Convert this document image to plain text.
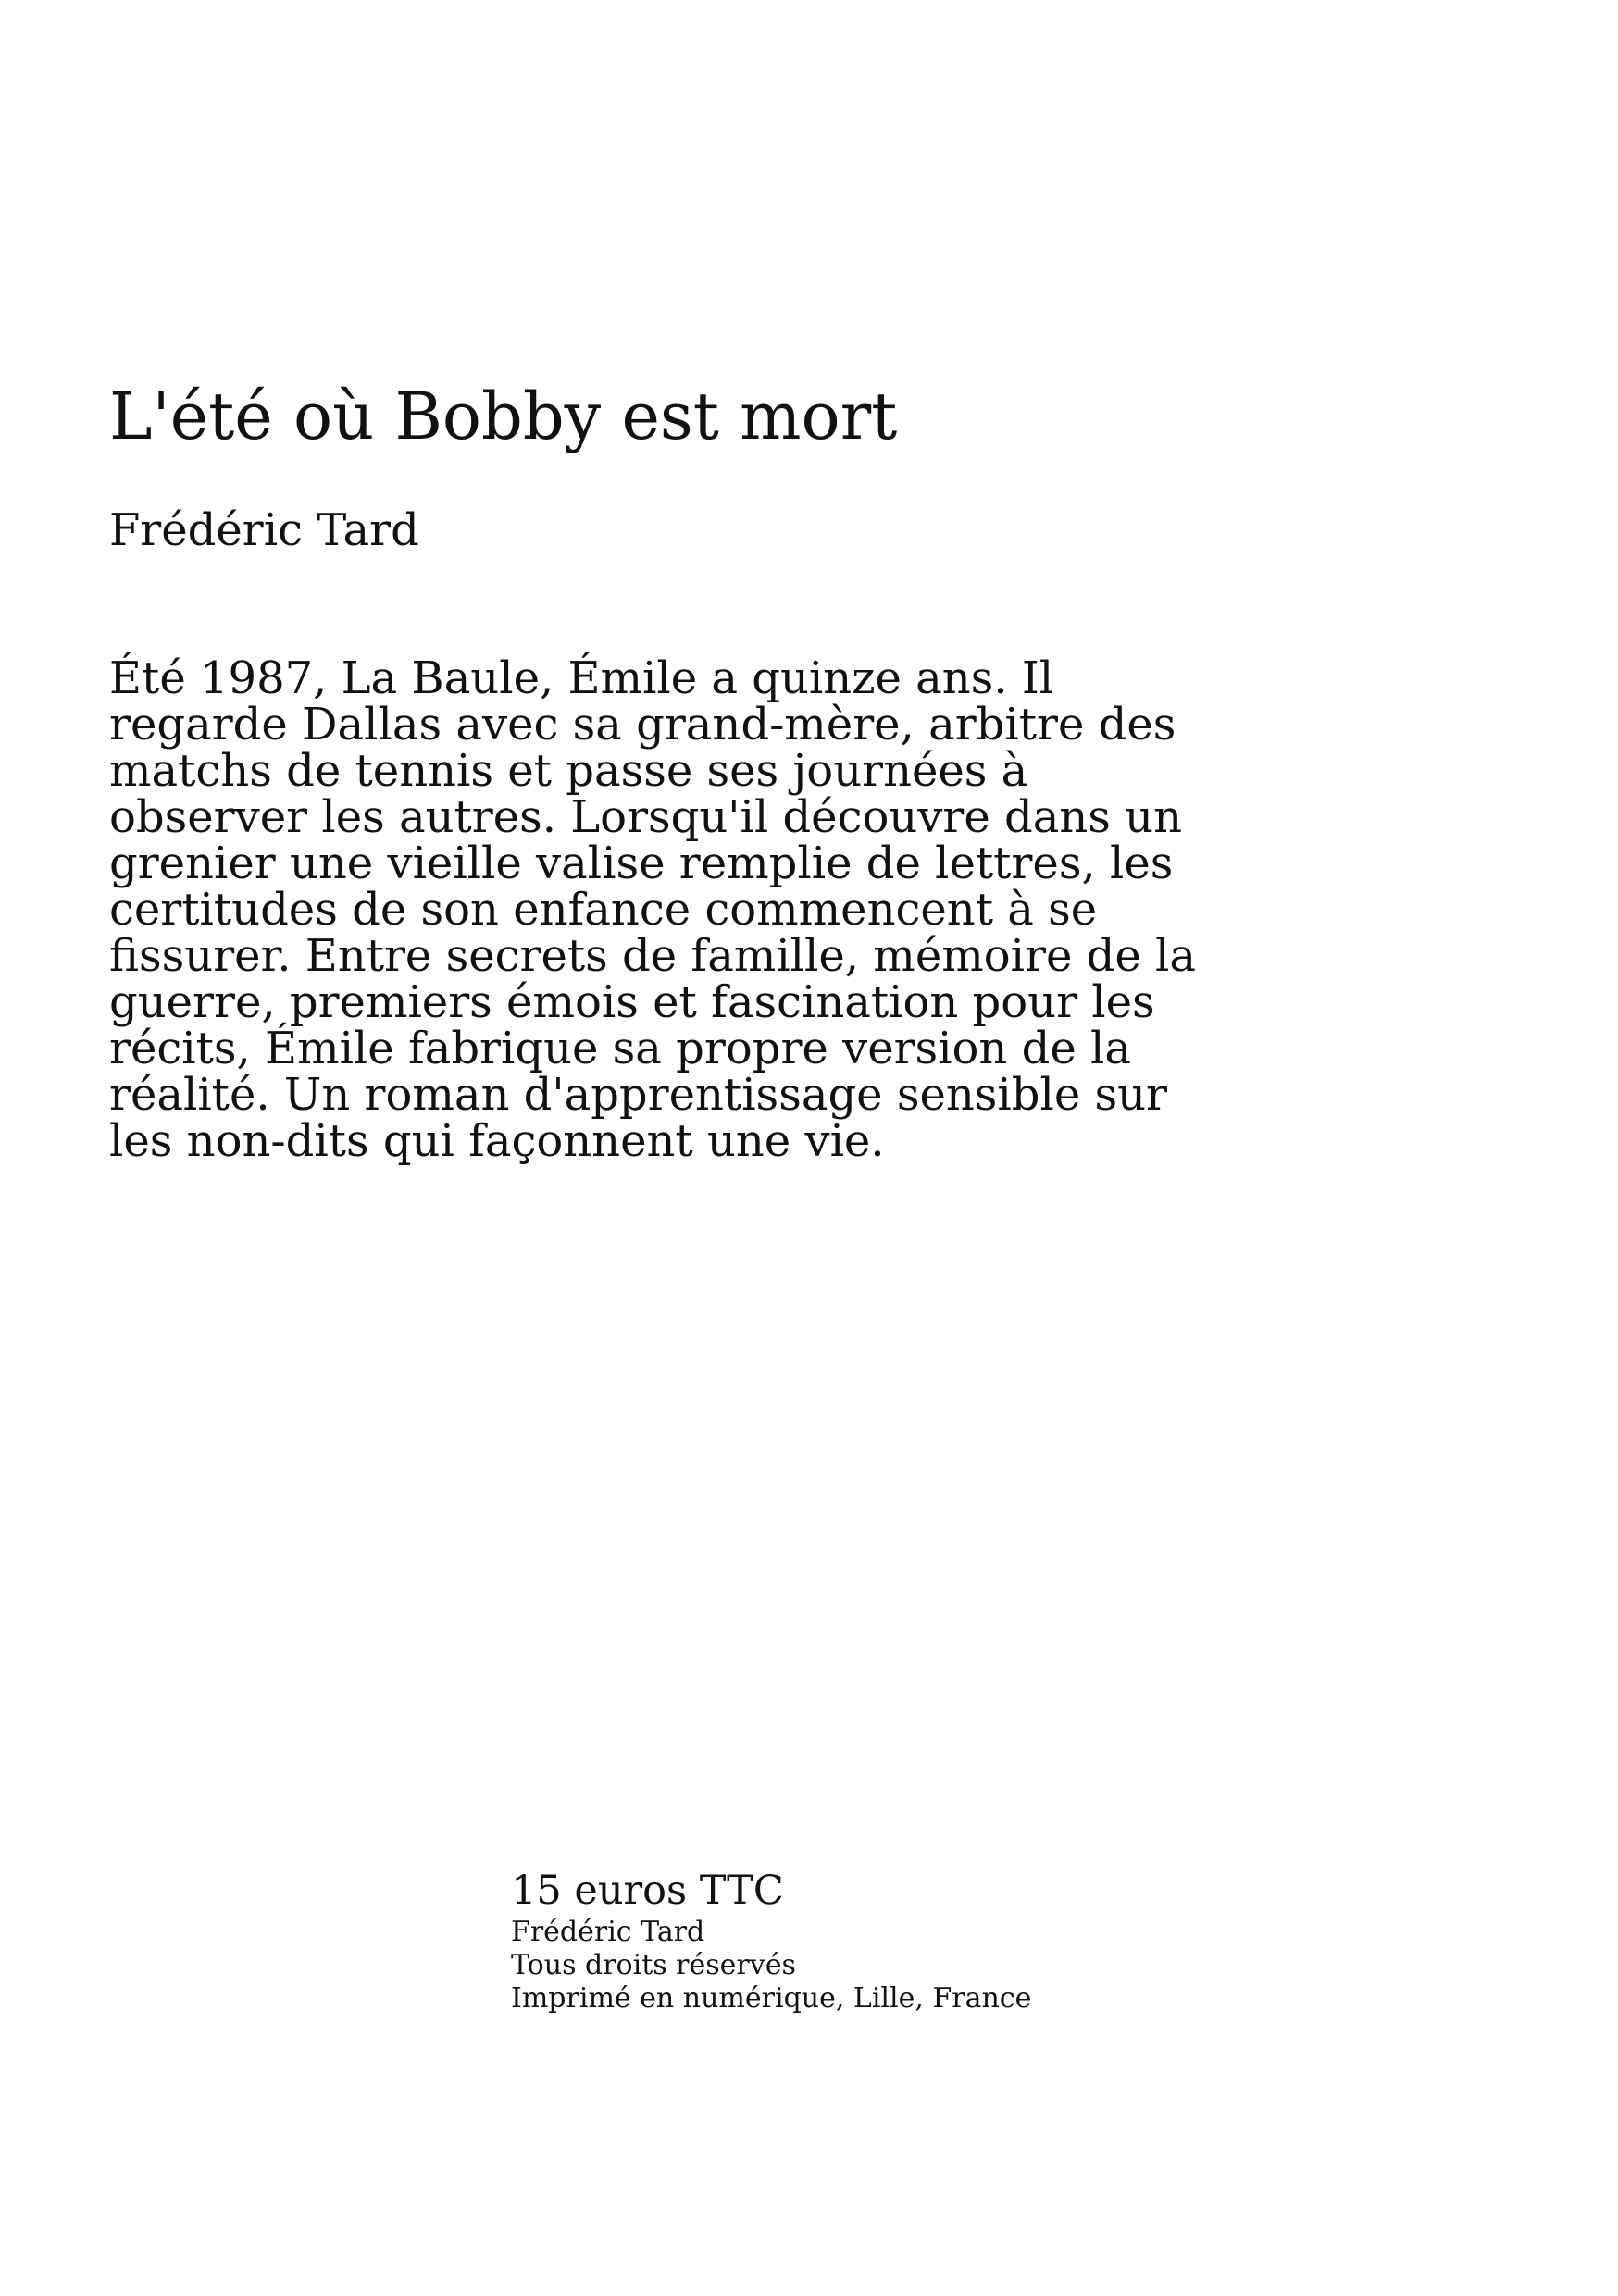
L'été où Bobby est mort
Frédéric Tard

Été 1987, La Baule, Émile a quinze ans. Il regarde Dallas avec sa grand-mère, arbitre des matchs de tennis et passe ses journées à observer les autres. Lorsqu'il découvre dans un grenier une vieille valise remplie de lettres, les certitudes de son enfance commencent à se fissurer. Entre secrets de famille, mémoire de la guerre, premiers émois et fascination pour les récits, Émile fabrique sa propre version de la réalité. Un roman d'apprentissage sensible sur les non-dits qui façonnent une vie.

15 euros TTC
Frédéric Tard
Tous droits réservés
Imprimé en numérique, Lille, France
